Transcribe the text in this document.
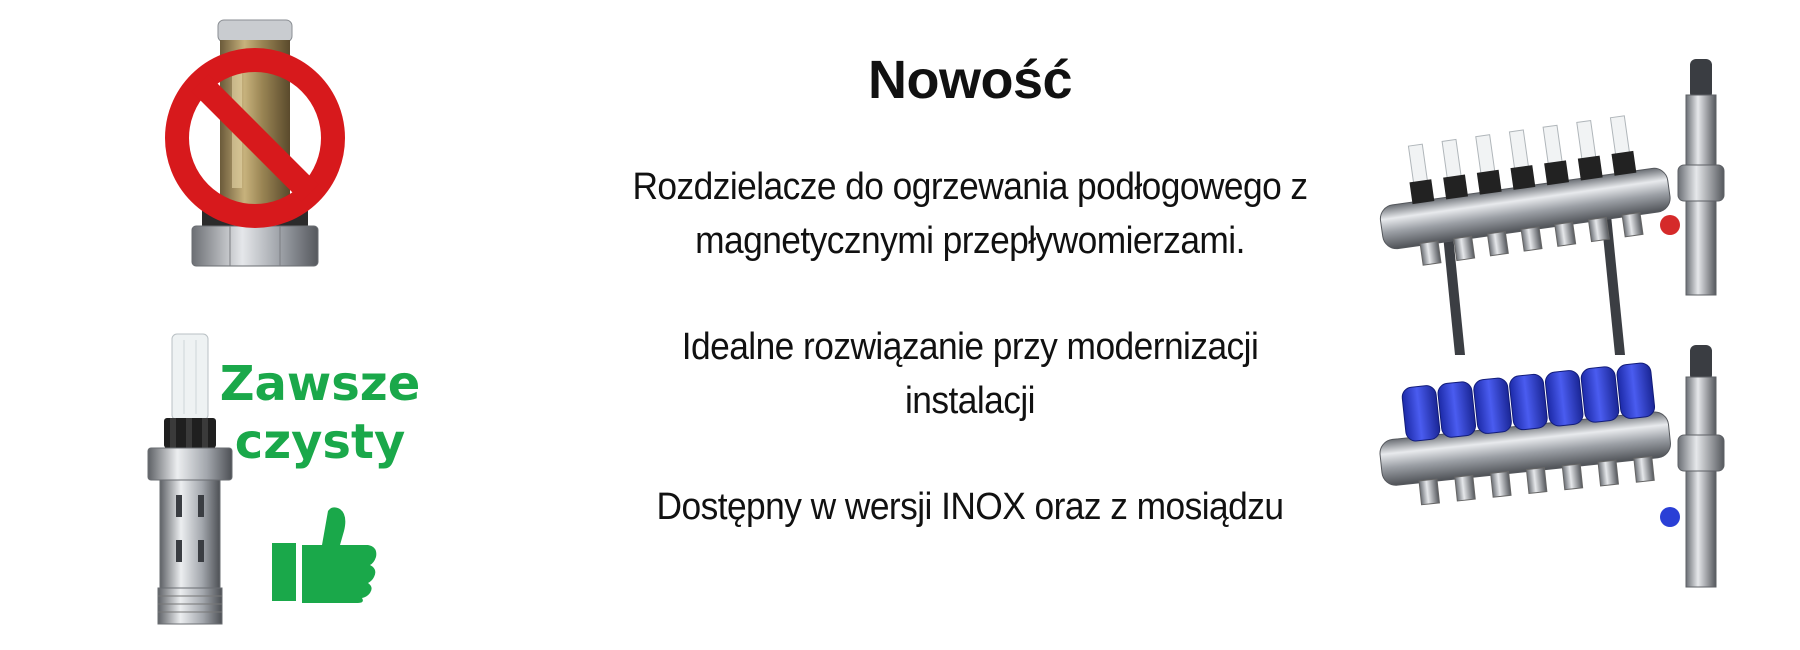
Zawsze
czysty
Nowość
Rozdzielacze do ogrzewania podłogowego z
magnetycznymi przepływomierzami.
Idealne rozwiązanie przy modernizacji
instalacji
Dostępny w wersji INOX oraz z mosiądzu
